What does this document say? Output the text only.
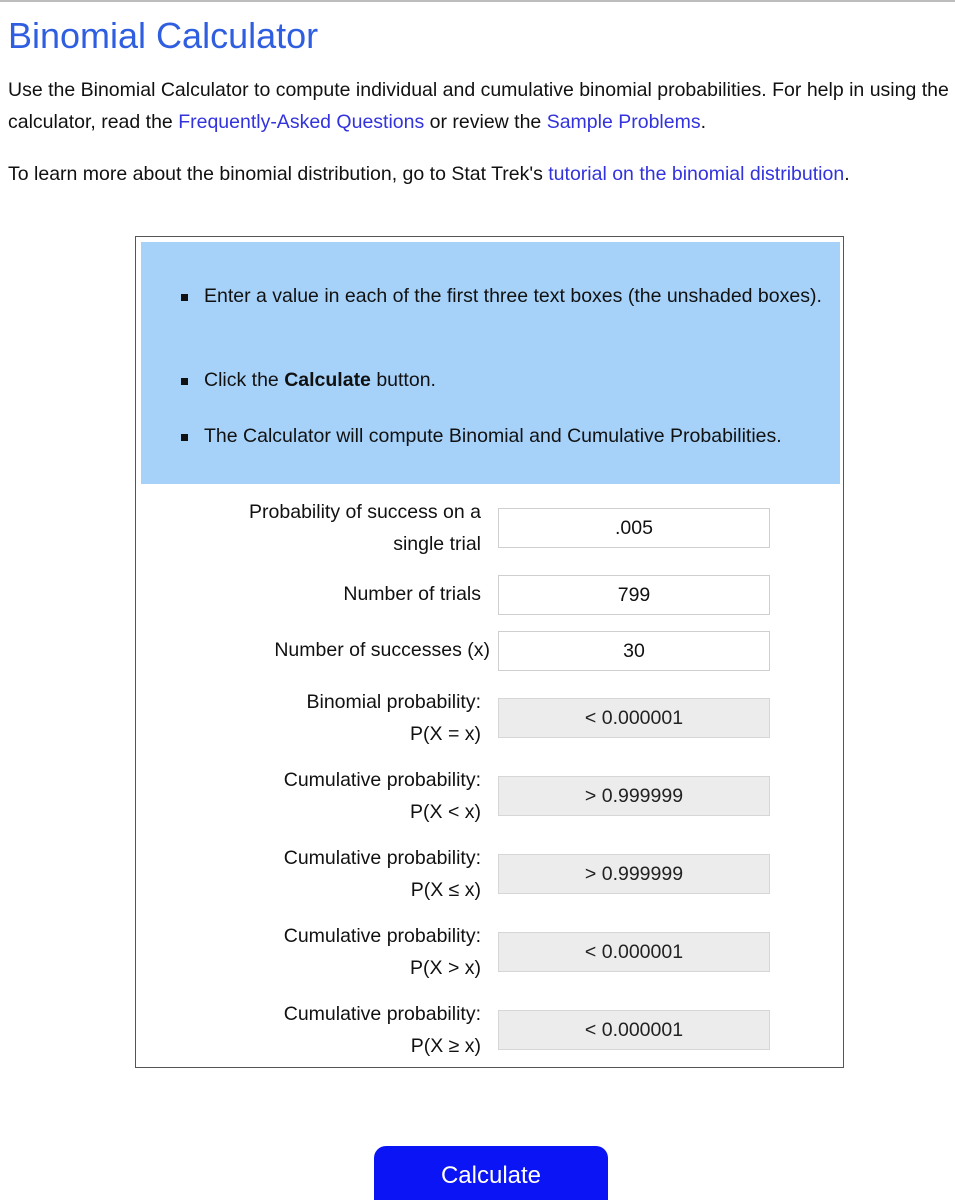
Binomial Calculator

Use the Binomial Calculator to compute individual and cumulative binomial probabilities. For help in using the calculator, read the Frequently-Asked Questions or review the Sample Problems.

To learn more about the binomial distribution, go to Stat Trek's tutorial on the binomial distribution.

Enter a value in each of the first three text boxes (the unshaded boxes).
Click the Calculate button.
The Calculator will compute Binomial and Cumulative Probabilities.
Probability of success on a
single trial
.005
Number of trials
799
Number of successes (x)
30
Binomial probability:
P(X = x)
< 0.000001
Cumulative probability:
P(X < x)
> 0.999999
Cumulative probability:
P(X ≤ x)
> 0.999999
Cumulative probability:
P(X > x)
< 0.000001
Cumulative probability:
P(X ≥ x)
< 0.000001
Calculate
